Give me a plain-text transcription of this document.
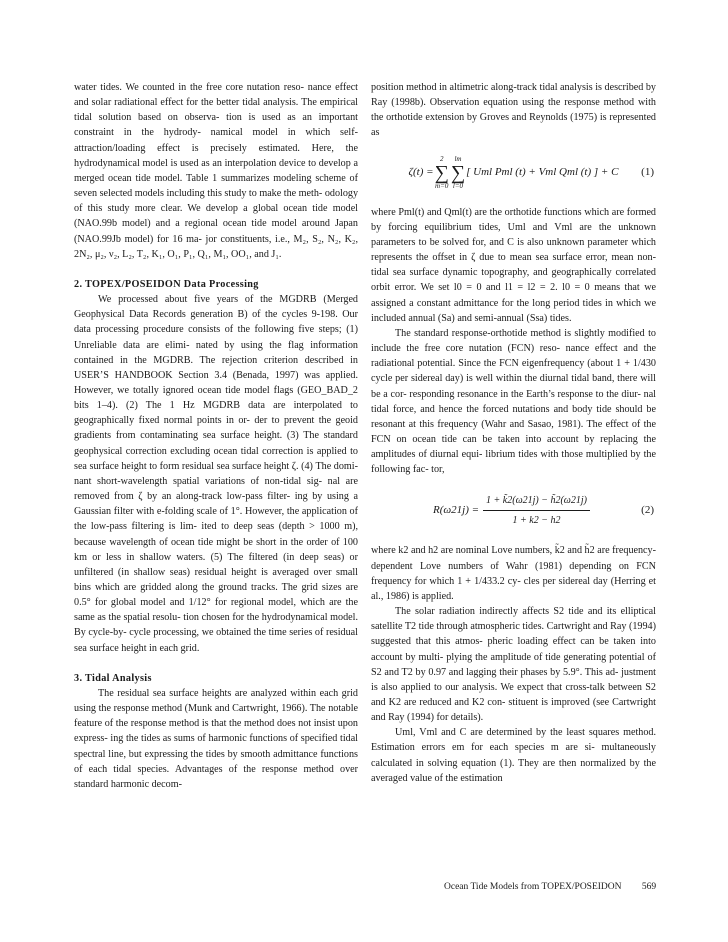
water tides. We counted in the free core nutation reso- nance effect and solar radiational effect for the better tidal analysis. The empirical tidal solution based on observa- tion is used as an important constraint in the hydrody- namical model in which self-attraction/loading effect is precisely estimated. Here, the hydrodynamical model is used as an interpolation device to develop a merged ocean tide model. Table 1 summarizes modeling scheme of seven selected models including this study to make the meth- odology of this study more clear. We develop a global ocean tide model (NAO.99b model) and a regional ocean tide model around Japan (NAO.99Jb model) for 16 ma- jor constituents, i.e., M₂, S₂, N₂, K₂, 2N₂, μ₂, ν₂, L₂, T₂, K₁, O₁, P₁, Q₁, M₁, OO₁, and J₁.

2. TOPEX/POSEIDON Data Processing

We processed about five years of the MGDRB (Merged Geophysical Data Records generation B) of the cycles 9-198. Our data processing procedure consists of the following five steps; (1) Unreliable data are elimi- nated by using the flag information contained in the MGDRB. The rejection criterion described in USER’S HANDBOOK Section 3.4 (Benada, 1997) was applied. However, we totally ignored ocean tide model flags (GEO_BAD_2 bits 1–4). (2) The 1 Hz MGDRB data are interpolated to geographically fixed normal points in or- der to prevent the geoid gradients from contaminating sea surface height. (3) The standard geophysical correction excluding ocean tidal correction is applied to sea surface height to form residual sea surface height ζ. (4) The domi- nant short-wavelength spatial variations of non-tidal sig- nal are removed from ζ by an along-track low-pass filter- ing by using a Gaussian filter with e-folding scale of 1°. However, the application of the low-pass filtering is lim- ited to deep seas (depth > 1000 m), because wavelength of ocean tide might be short in the order of 100 km or less in shallow waters. (5) The filtered (in deep seas) or unfiltered (in shallow seas) residual height is averaged over small bins which are gridded along the ground tracks. The grid sizes are 0.5° for global model and 1/12° for regional model, which are the same as the spatial resolu- tion chosen for the hydrodynamical model. By cycle-by- cycle processing, we obtained the time series of residual sea surface height in each grid.

3. Tidal Analysis

The residual sea surface heights are analyzed within each grid using the response method (Munk and Cartwright, 1966). The notable feature of the response method is that the method does not insist upon express- ing the tides as sums of harmonic functions of specified tidal spectral line, but expressing the tides by smooth admittance functions of each tidal species. Advantages of the response method over standard harmonic decom-

position method in altimetric along-track tidal analysis is described by Ray (1998b). Observation equation using the response method with the orthotide extension by Groves and Reynolds (1975) is represented as

ζ(t) =
2
∑
m=0
lm
∑
l=0
[ Uml Pml (t) + Vml Qml (t) ] + C (1)

where Pml(t) and Qml(t) are the orthotide functions which are formed by forcing equilibrium tides, Uml and Vml are the unknown parameters to be solved for, and C is also unknown parameter which represents the offset in ζ due to mean sea surface error, mean non-tidal sea surface dynamic topography, and geographically correlated orbit error. We set l0 = 0 and l1 = l2 = 2. l0 = 0 means that we assigned a constant admittance for the long period tides in which we included annual (Sa) and semi-annual (Ssa) tides.

The standard response-orthotide method is slightly modified to include the free core nutation (FCN) reso- nance effect and the radiational potential. Since the FCN eigenfrequency (about 1 + 1/430 cycle per sidereal day) is well within the diurnal tidal band, there will be a cor- responding resonance in the Earth’s response to the diur- nal tidal force, and hence the forced nutations and body tide should be resonant at this frequency (Wahr and Sasao, 1981). The effect of the FCN on ocean tide can be taken into account by replacing the amplitudes of diurnal equi- librium tides with those multiplied by the following fac- tor,

$R(\omega 21j) = \frac{1 + k̃2(\omega 21j) - h̃2(\omega 21j)}{1 + k2 - h2}$	(2)

where k2 and h2 are nominal Love numbers, k̃2 and h̃2 are frequency-dependent Love numbers of Wahr (1981) depending on FCN frequency for which 1 + 1/433.2 cy- cles per sidereal day (Herring et al., 1986) is applied.

The solar radiation indirectly affects S2 tide and its elliptical satellite T2 tide through atmospheric tides. Cartwright and Ray (1994) suggested that this atmos- pheric loading effect can be taken into account by multi- plying the amplitude of tide generating potential of S2 and T2 by 0.97 and lagging their phases by 5.9°. This ad- justment is also applied to our analysis. We expect that cross-talk between S2 and K2 are reduced and K2 con- stituent is improved (see Cartwright and Ray (1994) for details).

Uml, Vml and C are determined by the least squares method. Estimation errors em for each species m are si- multaneously calculated in solving equation (1). They are then normalized by the averaged value of the estimation

Ocean Tide Models from TOPEX/POSEIDON 569
